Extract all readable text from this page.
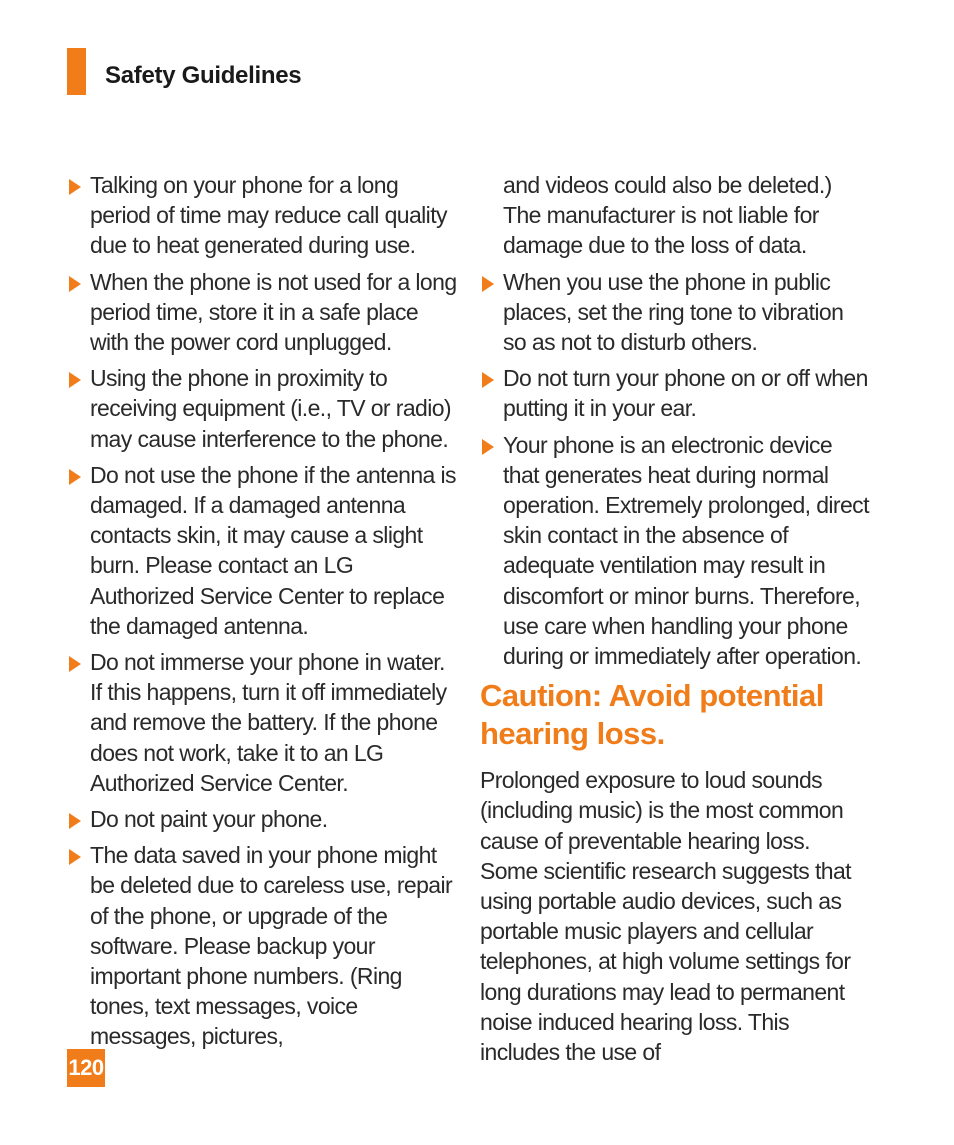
Safety Guidelines
Talking on your phone for a long period of time may reduce call quality due to heat generated during use.
When the phone is not used for a long period time, store it in a safe place with the power cord unplugged.
Using the phone in proximity to receiving equipment (i.e., TV or radio) may cause interference to the phone.
Do not use the phone if the antenna is damaged. If a damaged antenna contacts skin, it may cause a slight burn. Please contact an LG Authorized Service Center to replace the damaged antenna.
Do not immerse your phone in water. If this happens, turn it off immediately and remove the battery. If the phone does not work, take it to an LG Authorized Service Center.
Do not paint your phone.
The data saved in your phone might be deleted due to careless use, repair of the phone, or upgrade of the software. Please backup your important phone numbers. (Ring tones, text messages, voice messages, pictures,
and videos could also be deleted.) The manufacturer is not liable for damage due to the loss of data.
When you use the phone in public places, set the ring tone to vibration so as not to disturb others.
Do not turn your phone on or off when putting it in your ear.
Your phone is an electronic device that generates heat during normal operation. Extremely prolonged, direct skin contact in the absence of adequate ventilation may result in discomfort or minor burns. Therefore, use care when handling your phone during or immediately after operation.
Caution: Avoid potential hearing loss.

Prolonged exposure to loud sounds (including music) is the most common cause of preventable hearing loss. Some scientific research suggests that using portable audio devices, such as portable music players and cellular telephones, at high volume settings for long durations may lead to permanent noise induced hearing loss. This includes the use of

120
